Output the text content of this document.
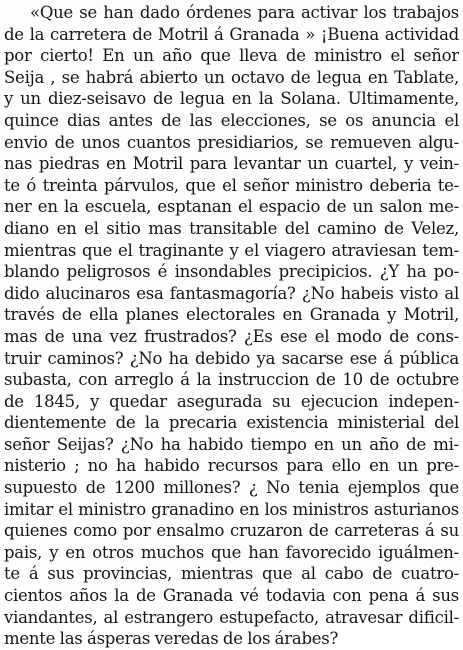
«Que se han dado órdenes para activar los trabajos
de la carretera de Motril á Granada » ¡Buena actividad
por cierto! En un año que lleva de ministro el señor
Seija , se habrá abierto un octavo de legua en Tablate,
y un diez-seisavo de legua en la Solana. Ultimamente,
quince dias antes de las elecciones, se os anuncia el
envio de unos cuantos presidiarios, se remueven algu-
nas piedras en Motril para levantar un cuartel, y vein-
te ó treinta párvulos, que el señor ministro deberia te-
ner en la escuela, esptanan el espacio de un salon me-
diano en el sitio mas transitable del camino de Velez,
mientras que el traginante y el viagero atraviesan tem-
blando peligrosos é insondables precipicios. ¿Y ha po-
dido alucinaros esa fantasmagoría? ¿No habeis visto al
través de ella planes electorales en Granada y Motril,
mas de una vez frustrados? ¿Es ese el modo de cons-
truir caminos? ¿No ha debido ya sacarse ese á pública
subasta, con arreglo á la instruccion de 10 de octubre
de 1845, y quedar asegurada su ejecucion indepen-
dientemente de la precaria existencia ministerial del
señor Seijas? ¿No ha habido tiempo en un año de mi-
nisterio ; no ha habido recursos para ello en un pre-
supuesto de 1200 millones? ¿ No tenia ejemplos que
imitar el ministro granadino en los ministros asturianos
quienes como por ensalmo cruzaron de carreteras á su
pais, y en otros muchos que han favorecido iguálmen-
te á sus provincias, mientras que al cabo de cuatro-
cientos años la de Granada vé todavia con pena á sus
viandantes, al estrangero estupefacto, atravesar dificil-
mente las ásperas veredas de los árabes?
